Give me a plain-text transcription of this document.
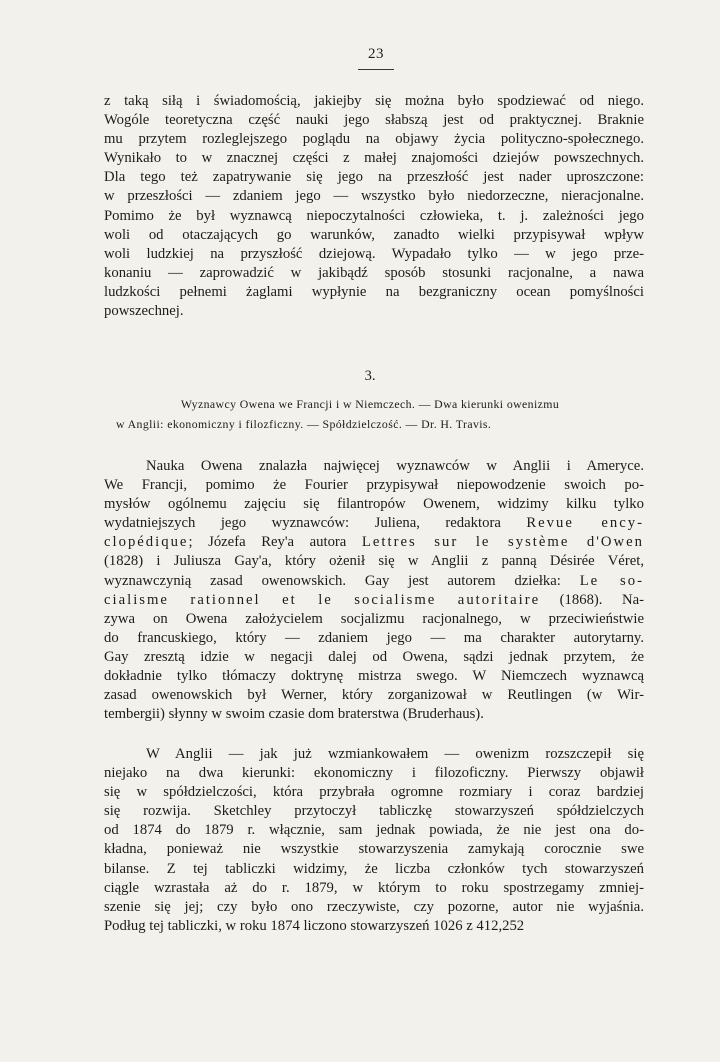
23

z taką siłą i świadomością, jakiejby się można było spodziewać od niego.
Wogóle teoretyczna część nauki jego słabszą jest od praktycznej. Braknie
mu przytem rozleglejszego poglądu na objawy życia polityczno-społecznego.
Wynikało to w znacznej części z małej znajomości dziejów powszechnych.
Dla tego też zapatrywanie się jego na przeszłość jest nader uproszczone:
w przeszłości — zdaniem jego — wszystko było niedorzeczne, nieracjonalne.
Pomimo że był wyznawcą niepoczytalności człowieka, t. j. zależności jego
woli od otaczających go warunków, zanadto wielki przypisywał wpływ
woli ludzkiej na przyszłość dziejową. Wypadało tylko — w jego prze-
konaniu — zaprowadzić w jakibądź sposób stosunki racjonalne, a nawa
ludzkości pełnemi żaglami wypłynie na bezgraniczny ocean pomyślności
powszechnej.

3.
Wyznawcy Owena we Francji i w Niemczech. — Dwa kierunki owenizmu
w Anglii: ekonomiczny i filozficzny. — Spółdzielczość. — Dr. H. Travis.

Nauka Owena znalazła najwięcej wyznawców w Anglii i Ameryce.
We Francji, pomimo że Fourier przypisywał niepowodzenie swoich po-
mysłów ogólnemu zajęciu się filantropów Owenem, widzimy kilku tylko
wydatniejszych jego wyznawców: Juliena, redaktora Revue ency-
clopédique; Józefa Rey'a autora Lettres sur le système d'Owen
(1828) i Juliusza Gay'a, który ożenił się w Anglii z panną Désirée Véret,
wyznawczynią zasad owenowskich. Gay jest autorem dziełka: Le so-
cialisme rationnel et le socialisme autoritaire (1868). Na-
zywa on Owena założycielem socjalizmu racjonalnego, w przeciwieństwie
do francuskiego, który — zdaniem jego — ma charakter autorytarny.
Gay zresztą idzie w negacji dalej od Owena, sądzi jednak przytem, że
dokładnie tylko tłómaczy doktrynę mistrza swego. W Niemczech wyznawcą
zasad owenowskich był Werner, który zorganizował w Reutlingen (w Wir-
tembergii) słynny w swoim czasie dom braterstwa (Bruderhaus).

W Anglii — jak już wzmiankowałem — owenizm rozszczepił się
niejako na dwa kierunki: ekonomiczny i filozoficzny. Pierwszy objawił
się w spółdzielczości, która przybrała ogromne rozmiary i coraz bardziej
się rozwija. Sketchley przytoczył tabliczkę stowarzyszeń spółdzielczych
od 1874 do 1879 r. włącznie, sam jednak powiada, że nie jest ona do-
kładna, ponieważ nie wszystkie stowarzyszenia zamykają corocznie swe
bilanse. Z tej tabliczki widzimy, że liczba członków tych stowarzyszeń
ciągle wzrastała aż do r. 1879, w którym to roku spostrzegamy zmniej-
szenie się jej; czy było ono rzeczywiste, czy pozorne, autor nie wyjaśnia.
Podług tej tabliczki, w roku 1874 liczono stowarzyszeń 1026 z 412,252
